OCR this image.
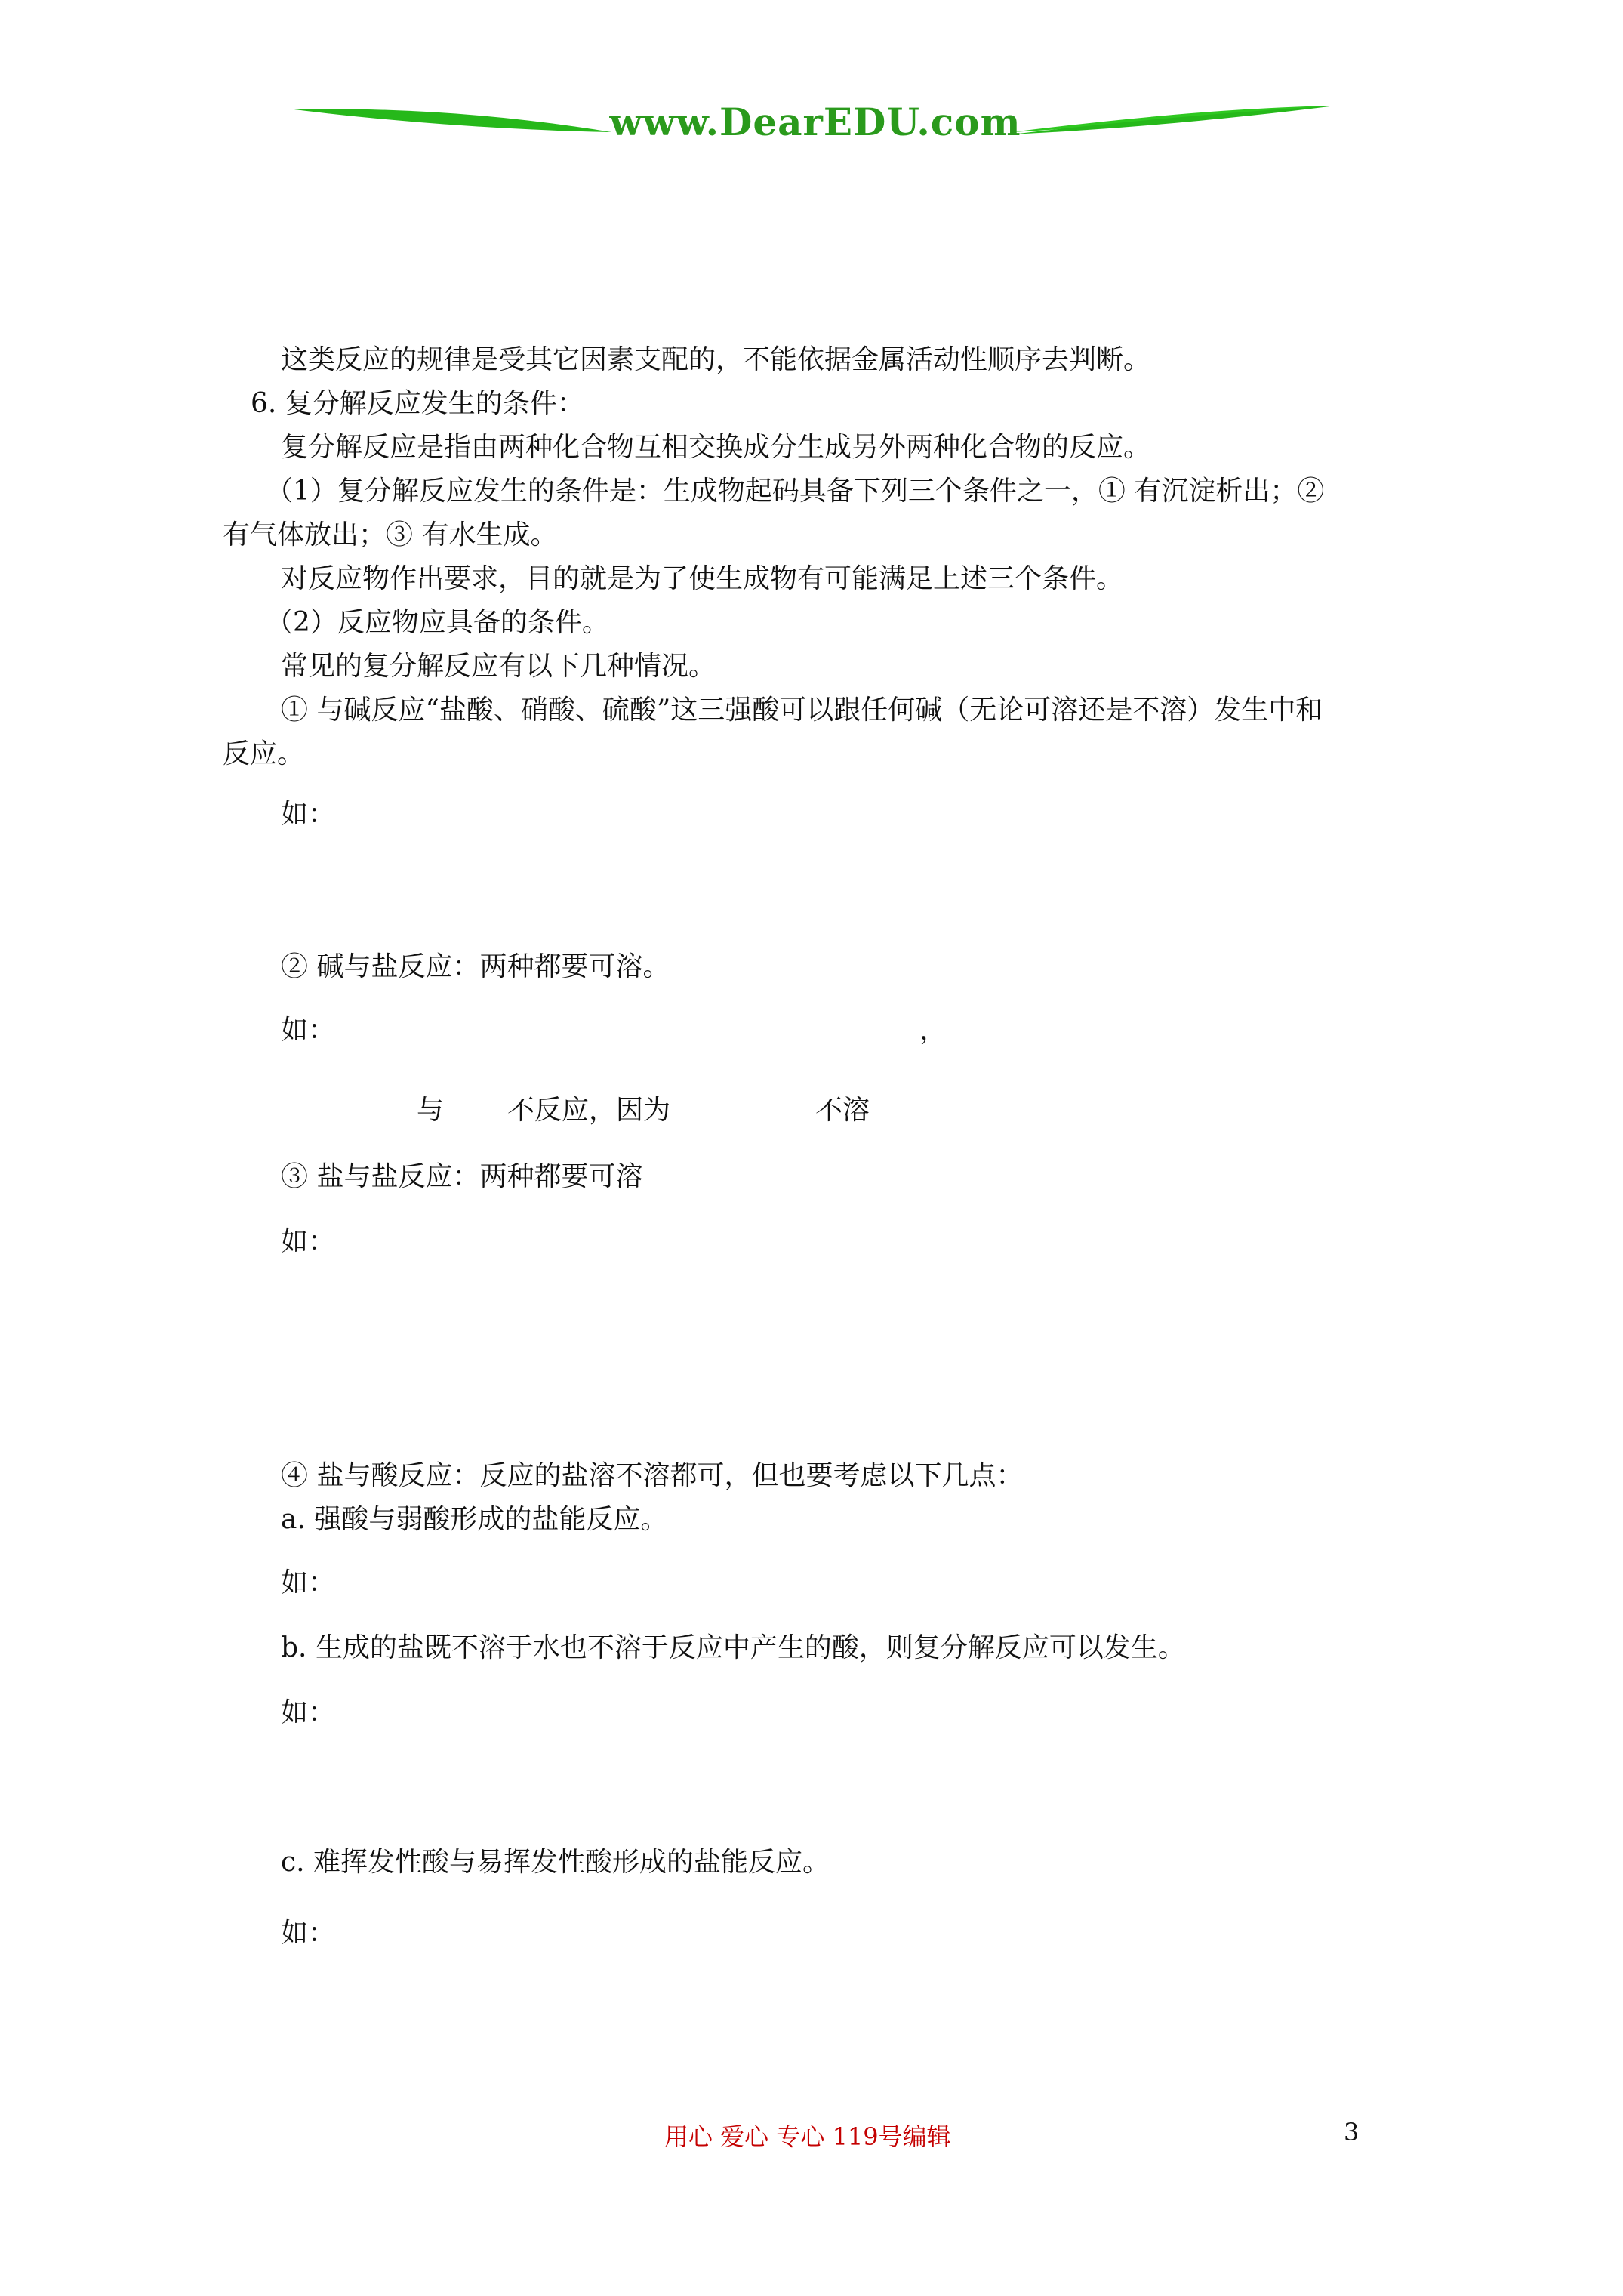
www.DearEDU.com
这类反应的规律是受其它因素支配的，不能依据金属活动性顺序去判断。
6. 复分解反应发生的条件：
复分解反应是指由两种化合物互相交换成分生成另外两种化合物的反应。
（1）复分解反应发生的条件是：生成物起码具备下列三个条件之一，① 有沉淀析出；②
有气体放出；③ 有水生成。
对反应物作出要求，目的就是为了使生成物有可能满足上述三个条件。
（2）反应物应具备的条件。
常见的复分解反应有以下几种情况。
① 与碱反应“盐酸、硝酸、硫酸”这三强酸可以跟任何碱（无论可溶还是不溶）发生中和
反应。
如：
② 碱与盐反应：两种都要可溶。
如：	，
与 不反应，因为	不溶
③ 盐与盐反应：两种都要可溶
如：
④ 盐与酸反应：反应的盐溶不溶都可，但也要考虑以下几点：
a. 强酸与弱酸形成的盐能反应。
如：
b. 生成的盐既不溶于水也不溶于反应中产生的酸，则复分解反应可以发生。
如：
c. 难挥发性酸与易挥发性酸形成的盐能反应。
如：
用心 爱心 专心 119号编辑	3
